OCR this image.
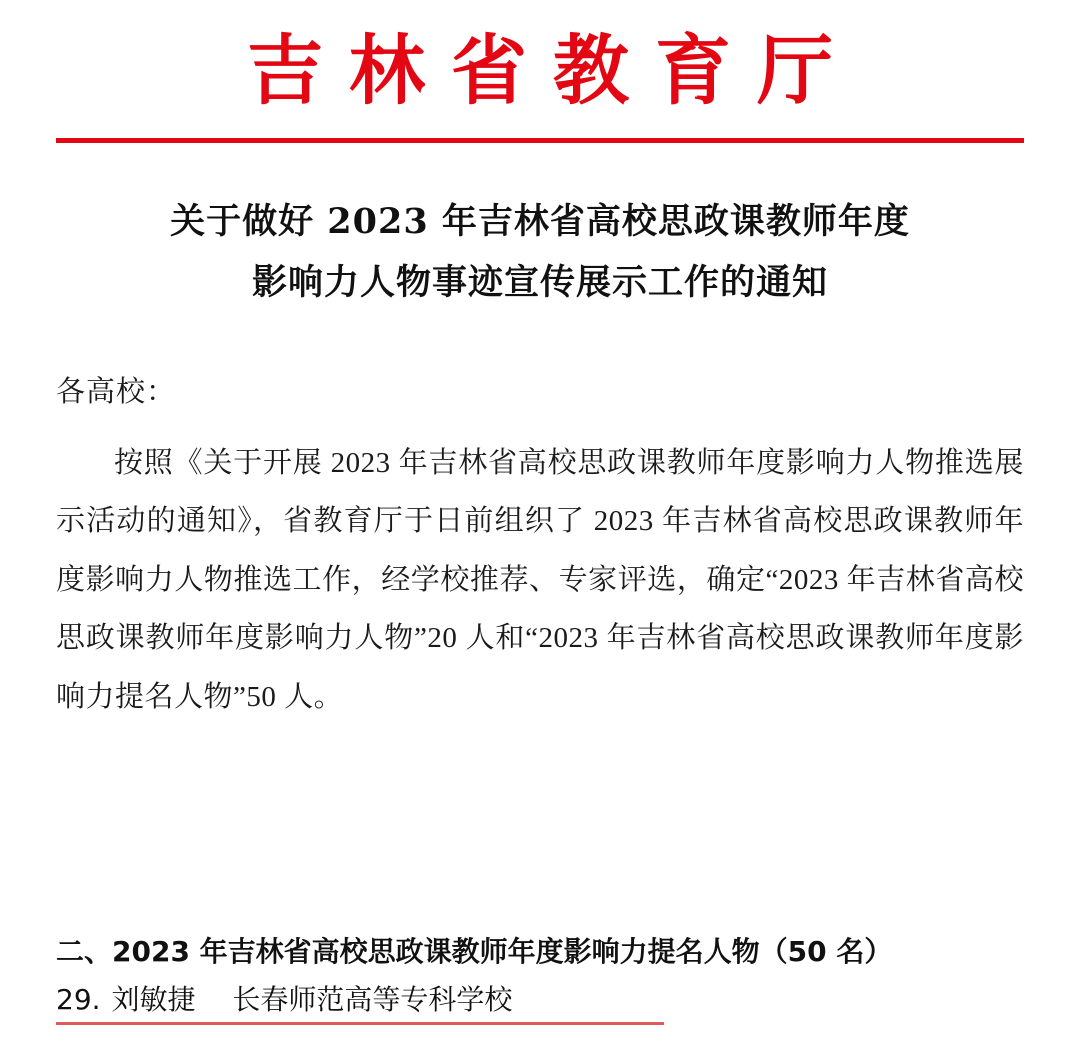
吉林省教育厅
关于做好 2023 年吉林省高校思政课教师年度
影响力人物事迹宣传展示工作的通知
各高校：
按照《关于开展 2023 年吉林省高校思政课教师年度影响力人物推选展示活动的通知》，省教育厅于日前组织了 2023 年吉林省高校思政课教师年度影响力人物推选工作，经学校推荐、专家评选，确定“2023 年吉林省高校思政课教师年度影响力人物”20 人和“2023 年吉林省高校思政课教师年度影响力提名人物”50 人。
二、2023 年吉林省高校思政课教师年度影响力提名人物（50 名）
29. 刘敏捷 长春师范高等专科学校
